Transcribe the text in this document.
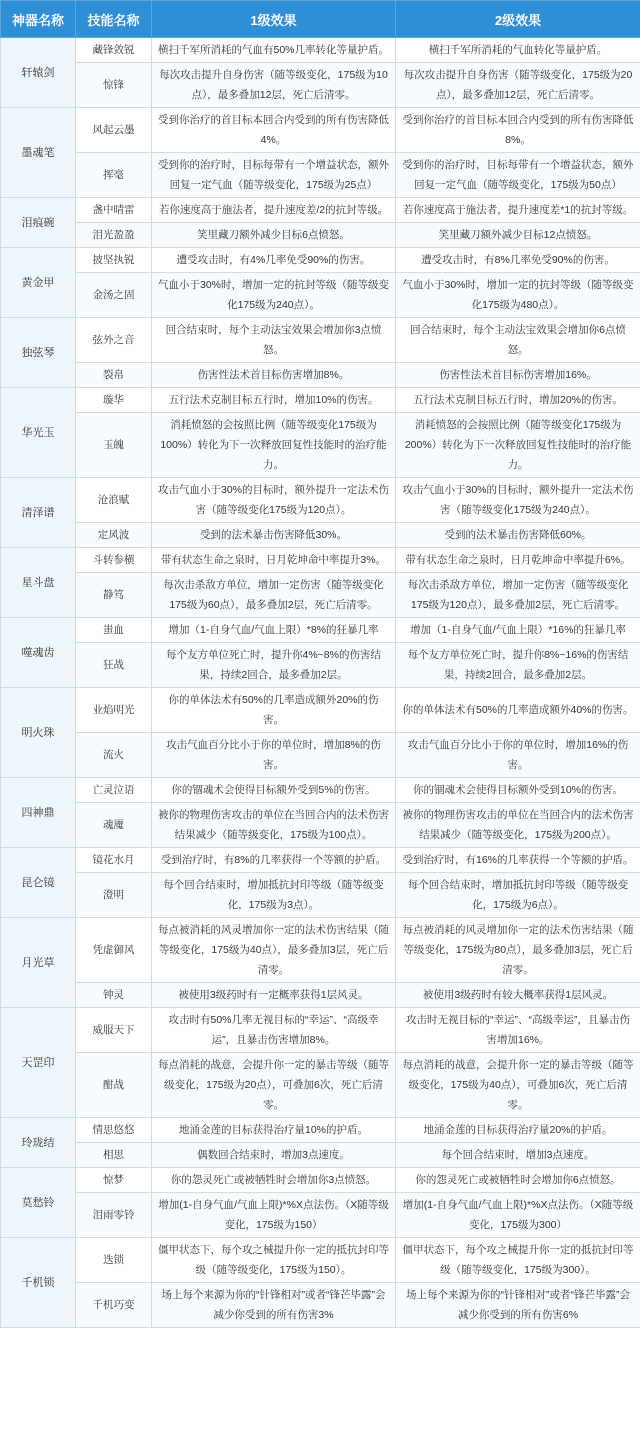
神器名称	技能名称	1级效果	2级效果
轩辕剑	藏锋敛锐	横扫千军所消耗的气血有50%几率转化等量护盾。	横扫千军所消耗的气血转化等量护盾。
	惊锋	每次攻击提升自身伤害（随等级变化，175级为10点），最多叠加12层，死亡后清零。	每次攻击提升自身伤害（随等级变化，175级为20点），最多叠加12层，死亡后清零。
墨魂笔	风起云墨	受到你治疗的首目标本回合内受到的所有伤害降低4%。	受到你治疗的首目标本回合内受到的所有伤害降低8%。
	挥毫	受到你的治疗时，目标每带有一个增益状态，额外回复一定气血（随等级变化，175级为25点）	受到你的治疗时，目标每带有一个增益状态，额外回复一定气血（随等级变化，175级为50点）
泪痕碗	盏中晴雷	若你速度高于施法者，提升速度差/2的抗封等级。	若你速度高于施法者，提升速度差*1的抗封等级。
	泪光盈盈	笑里藏刀额外减少目标6点愤怒。	笑里藏刀额外减少目标12点愤怒。
黄金甲	披坚执锐	遭受攻击时，有4%几率免受90%的伤害。	遭受攻击时，有8%几率免受90%的伤害。
	金汤之固	气血小于30%时，增加一定的抗封等级（随等级变化175级为240点）。	气血小于30%时，增加一定的抗封等级（随等级变化175级为480点）。
独弦琴	弦外之音	回合结束时，每个主动法宝效果会增加你3点愤怒。	回合结束时，每个主动法宝效果会增加你6点愤怒。
	裂帛	伤害性法术首目标伤害增加8%。	伤害性法术首目标伤害增加16%。
华光玉	璇华	五行法术克制目标五行时，增加10%的伤害。	五行法术克制目标五行时，增加20%的伤害。
	玉魄	消耗愤怒的会按照比例（随等级变化175级为100%）转化为下一次释放回复性技能时的治疗能力。	消耗愤怒的会按照比例（随等级变化175级为200%）转化为下一次释放回复性技能时的治疗能力。
清泽谱	沧浪赋	攻击气血小于30%的目标时，额外提升一定法术伤害（随等级变化175级为120点）。	攻击气血小于30%的目标时，额外提升一定法术伤害（随等级变化175级为240点）。
	定风波	受到的法术暴击伤害降低30%。	受到的法术暴击伤害降低60%。
星斗盘	斗转参横	带有状态生命之泉时，日月乾坤命中率提升3%。	带有状态生命之泉时，日月乾坤命中率提升6%。
	静笃	每次击杀敌方单位，增加一定伤害（随等级变化175级为60点），最多叠加2层，死亡后清零。	每次击杀敌方单位，增加一定伤害（随等级变化175级为120点），最多叠加2层，死亡后清零。
噬魂齿	蚩血	增加（1-自身气血/气血上限）*8%的狂暴几率	增加（1-自身气血/气血上限）*16%的狂暴几率
	狂战	每个友方单位死亡时，提升你4%~8%的伤害结果，持续2回合，最多叠加2层。	每个友方单位死亡时，提升你8%~16%的伤害结果，持续2回合，最多叠加2层。
明火珠	业焰明光	你的单体法术有50%的几率造成额外20%的伤害。	你的单体法术有50%的几率造成额外40%的伤害。
	流火	攻击气血百分比小于你的单位时，增加8%的伤害。	攻击气血百分比小于你的单位时，增加16%的伤害。
四神鼎	亡灵泣语	你的锢魂术会使得目标额外受到5%的伤害。	你的锢魂术会使得目标额外受到10%的伤害。
	魂魇	被你的物理伤害攻击的单位在当回合内的法术伤害结果减少（随等级变化，175级为100点）。	被你的物理伤害攻击的单位在当回合内的法术伤害结果减少（随等级变化，175级为200点）。
昆仑镜	镜花水月	受到治疗时，有8%的几率获得一个等额的护盾。	受到治疗时，有16%的几率获得一个等额的护盾。
	澄明	每个回合结束时，增加抵抗封印等级（随等级变化，175级为3点）。	每个回合结束时，增加抵抗封印等级（随等级变化，175级为6点）。
月光草	凭虚御风	每点被消耗的风灵增加你一定的法术伤害结果（随等级变化，175级为40点），最多叠加3层，死亡后清零。	每点被消耗的风灵增加你一定的法术伤害结果（随等级变化，175级为80点），最多叠加3层，死亡后清零。
	钟灵	被使用3级药时有一定概率获得1层风灵。	被使用3级药时有较大概率获得1层风灵。
天罡印	威服天下	攻击时有50%几率无视目标的“幸运”、“高级幸运”，且暴击伤害增加8%。	攻击时无视目标的“幸运”、“高级幸运”，且暴击伤害增加16%。
	酣战	每点消耗的战意，会提升你一定的暴击等级（随等级变化，175级为20点），可叠加6次，死亡后清零。	每点消耗的战意，会提升你一定的暴击等级（随等级变化，175级为40点），可叠加6次，死亡后清零。
玲珑结	情思悠悠	地涌金莲的目标获得治疗量10%的护盾。	地涌金莲的目标获得治疗量20%的护盾。
	相思	偶数回合结束时，增加3点速度。	每个回合结束时，增加3点速度。
莫愁铃	惊梦	你的怨灵死亡或被牺牲时会增加你3点愤怒。	你的怨灵死亡或被牺牲时会增加你6点愤怒。
	泪雨零铃	增加(1-自身气血/气血上限)*%X点法伤。（X随等级变化，175级为150）	增加(1-自身气血/气血上限)*%X点法伤。（X随等级变化，175级为300）
千机锁	迭锁	僵甲状态下，每个攻之械提升你一定的抵抗封印等级（随等级变化，175级为150）。	僵甲状态下，每个攻之械提升你一定的抵抗封印等级（随等级变化，175级为300）。
	千机巧变	场上每个来源为你的“针锋相对”或者“锋芒毕露”会减少你受到的所有伤害3%	场上每个来源为你的“针锋相对”或者“锋芒毕露”会减少你受到的所有伤害6%
